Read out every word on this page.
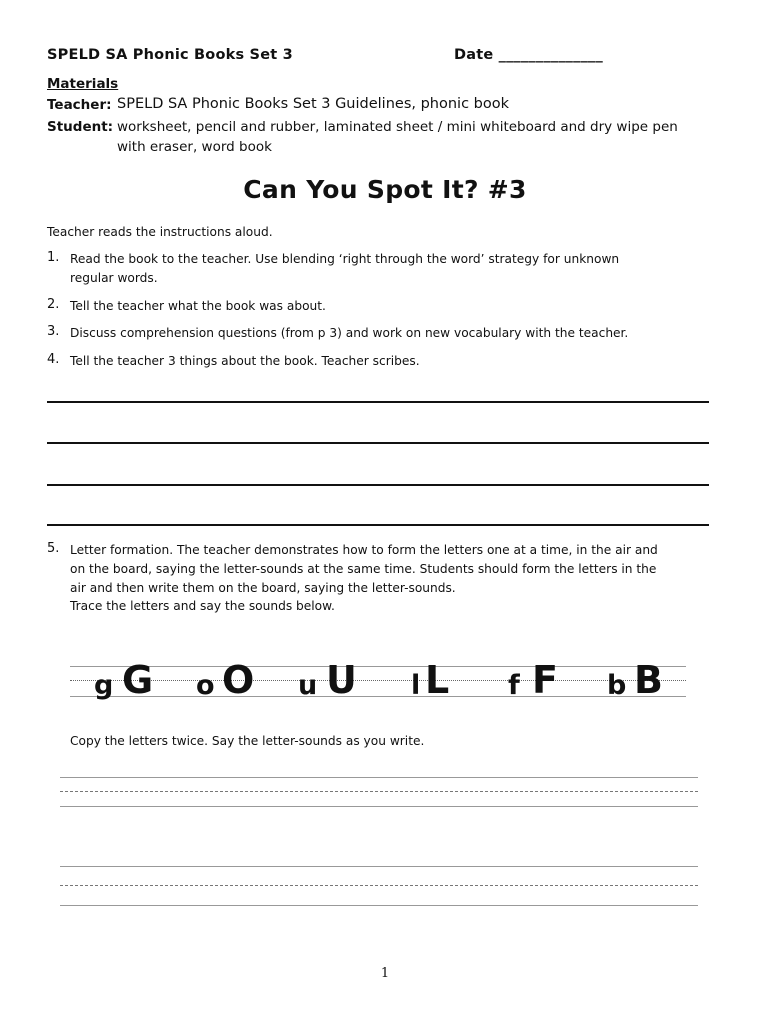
SPELD SA Phonic Books Set 3	Date ______________
Materials
Teacher: SPELD SA Phonic Books Set 3 Guidelines, phonic book
Student: worksheet, pencil and rubber, laminated sheet / mini whiteboard and dry wipe pen
with eraser, word book
Can You Spot It? #3
Teacher reads the instructions aloud.
1. Read the book to the teacher. Use blending ‘right through the word’ strategy for unknown
regular words.
2. Tell the teacher what the book was about.
3. Discuss comprehension questions (from p 3) and work on new vocabulary with the teacher.
4. Tell the teacher 3 things about the book. Teacher scribes.
5. Letter formation. The teacher demonstrates how to form the letters one at a time, in the air and
on the board, saying the letter-sounds at the same time. Students should form the letters in the
air and then write them on the board, saying the letter-sounds.
Trace the letters and say the sounds below.
g G o O u U l L f F b B
Copy the letters twice. Say the letter-sounds as you write.
1
